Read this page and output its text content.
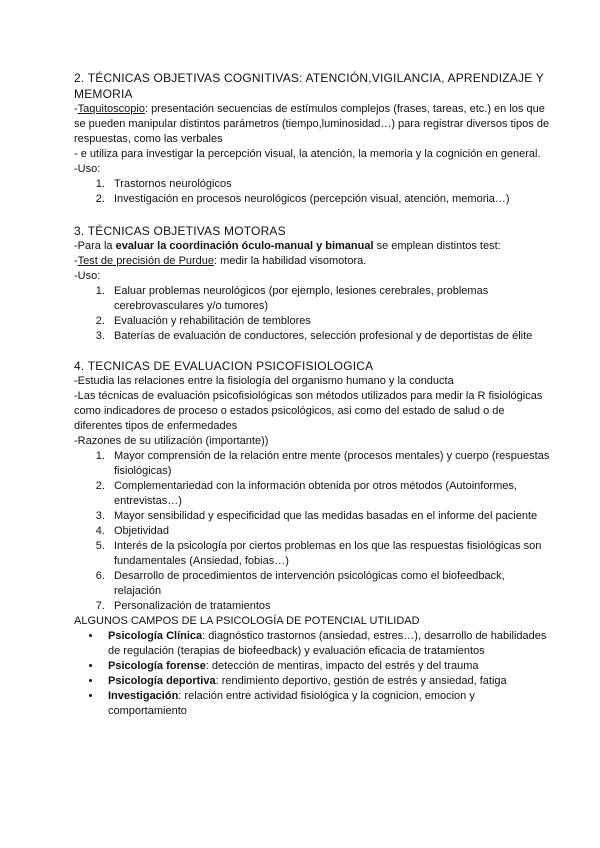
2. TÉCNICAS OBJETIVAS COGNITIVAS: ATENCIÓN,VIGILANCIA, APRENDIZAJE Y MEMORIA

-Taquitoscopio: presentación secuencias de estímulos complejos (frases, tareas, etc.) en los que se pueden manipular distintos parámetros (tiempo,luminosidad…) para registrar diversos tipos de respuestas, como las verbales

- e utiliza para investigar la percepción visual, la atención, la memoria y la cognición en general.

-Uso:

1. Trastornos neurológicos
2. Investigación en procesos neurológicos (percepción visual, atención, memoria…)
3. TÉCNICAS OBJETIVAS MOTORAS

-Para la evaluar la coordinación óculo-manual y bimanual se emplean distintos test:

-Test de precisión de Purdue: medir la habilidad visomotora.

-Uso:

1. Ealuar problemas neurológicos (por ejemplo, lesiones cerebrales, problemas cerebrovasculares y/o tumores)
2. Evaluación y rehabilitación de temblores
3. Baterías de evaluación de conductores, selección profesional y de deportistas de élite
4. TECNICAS DE EVALUACION PSICOFISIOLOGICA

-Estudia las relaciones entre la fisiología del organismo humano y la conducta

-Las técnicas de evaluación psicofisiológicas son métodos utilizados para medir la R fisiológicas como indicadores de proceso o estados psicológicos, asi como del estado de salud o de diferentes tipos de enfermedades

-Razones de su utilización (importante))

1. Mayor comprensión de la relación entre mente (procesos mentales) y cuerpo (respuestas fisiológicas)
2. Complementariedad con la información obtenida por otros métodos (Autoinformes, entrevistas…)
3. Mayor sensibilidad y especificidad que las medidas basadas en el informe del paciente
4. Objetividad
5. Interés de la psicología por ciertos problemas en los que las respuestas fisiológicas son fundamentales (Ansiedad, fobias…)
6. Desarrollo de procedimientos de intervención psicológicas como el biofeedback, relajación
7. Personalización de tratamientos

ALGUNOS CAMPOS DE LA PSICOLOGÍA DE POTENCIAL UTILIDAD

• Psicología Clínica: diagnóstico trastornos (ansiedad, estres…), desarrollo de habilidades de regulación (terapias de biofeedback) y evaluación eficacia de tratamientos
• Psicología forense: detección de mentiras, impacto del estrés y del trauma
• Psicología deportiva: rendimiento deportivo, gestión de estrés y ansiedad, fatiga
• Investigación: relación entre actividad fisiológica y la cognicion, emocion y comportamiento
